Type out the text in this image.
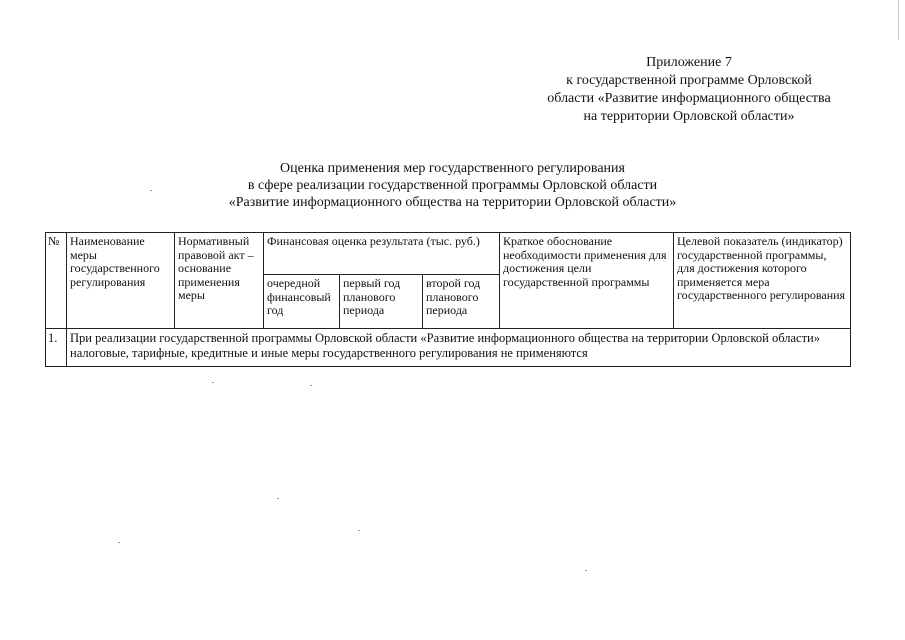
Приложение 7
к государственной программе Орловской
области «Развитие информационного общества
на территории Орловской области»
Оценка применения мер государственного регулирования
в сфере реализации государственной программы Орловской области
«Развитие информационного общества на территории Орловской области»
№	Наименование меры государственного регулирования	Нормативный правовой акт – основание применения меры	Финансовая оценка результата (тыс. руб.)			Краткое обоснование необходимости применения для достижения цели государственной программы	Целевой показатель (индикатор) государственной программы, для достижения которого применяется мера государственного регулирования
			очередной финансовый год	первый год планового периода	второй год планового периода		
1.	При реализации государственной программы Орловской области «Развитие информационного общества на территории Орловской области» налоговые, тарифные, кредитные и иные меры государственного регулирования не применяются						
